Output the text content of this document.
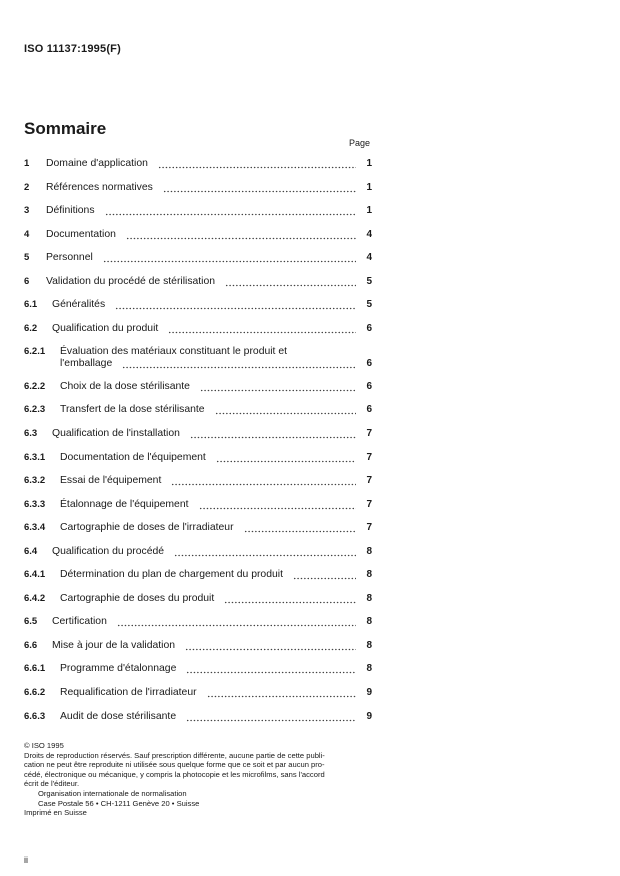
ISO 11137:1995(F)
Sommaire
Page
1 Domaine d'application	1
2 Références normatives	1
3 Définitions	1
4 Documentation	4
5 Personnel	4
6 Validation du procédé de stérilisation	5
6.1 Généralités	5
6.2 Qualification du produit	6
6.2.1 Évaluation des matériaux constituant le produit et
l'emballage	6
6.2.2 Choix de la dose stérilisante	6
6.2.3 Transfert de la dose stérilisante	6
6.3 Qualification de l'installation	7
6.3.1 Documentation de l'équipement	7
6.3.2 Essai de l'équipement	7
6.3.3 Étalonnage de l'équipement	7
6.3.4 Cartographie de doses de l'irradiateur	7
6.4 Qualification du procédé	8
6.4.1 Détermination du plan de chargement du produit	8
6.4.2 Cartographie de doses du produit	8
6.5 Certification	8
6.6 Mise à jour de la validation	8
6.6.1 Programme d'étalonnage	8
6.6.2 Requalification de l'irradiateur	9
6.6.3 Audit de dose stérilisante	9
© ISO 1995
Droits de reproduction réservés. Sauf prescription différente, aucune partie de cette publi-
cation ne peut être reproduite ni utilisée sous quelque forme que ce soit et par aucun pro-
cédé, électronique ou mécanique, y compris la photocopie et les microfilms, sans l'accord
écrit de l'éditeur.
Organisation internationale de normalisation
Case Postale 56 • CH-1211 Genève 20 • Suisse
Imprimé en Suisse
ii
